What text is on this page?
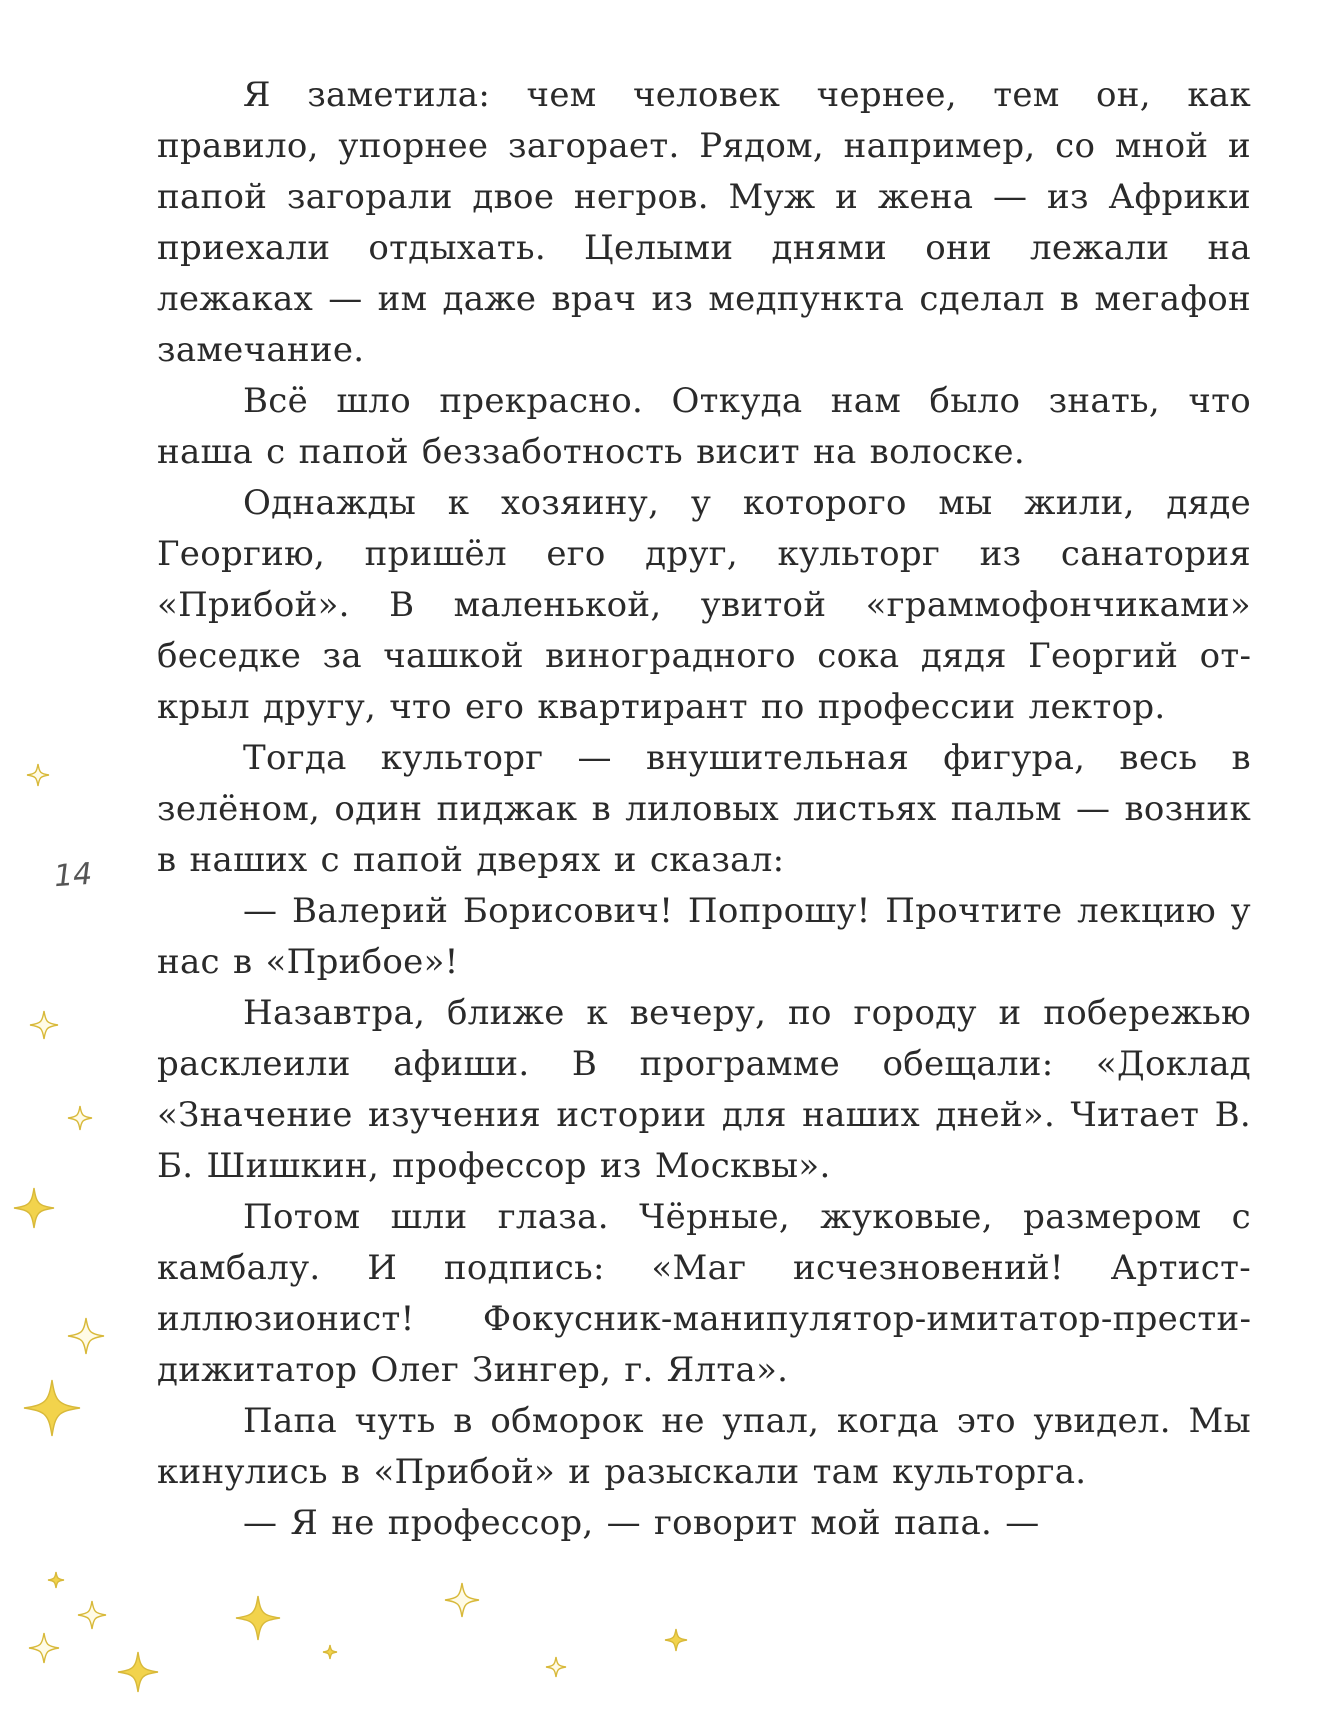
Я заметила: чем человек чернее, тем он, как правило, упорнее загорает. Рядом, например, со мной и папой загорали двое негров. Муж и жена — из Африки приехали отдыхать. Целыми днями они лежали на лежаках — им даже врач из медпункта сделал в мегафон замечание.

Всё шло прекрасно. Откуда нам было знать, что наша с папой беззаботность висит на волоске.

Однажды к хозяину, у которого мы жили, дяде Георгию, пришёл его друг, культорг из санатория «Прибой». В маленькой, увитой «граммофончиками» беседке за чашкой виноградного сока дядя Георгий открыл другу, что его квартирант по профессии лектор.

Тогда культорг — внушительная фигура, весь в зелёном, один пиджак в лиловых листьях пальм — возник в наших с папой дверях и сказал:

— Валерий Борисович! Попрошу! Прочтите лекцию у нас в «Прибое»!

Назавтра, ближе к вечеру, по городу и побережью расклеили афиши. В программе обещали: «Доклад «Значение изучения истории для наших дней». Читает В. Б. Шишкин, профессор из Москвы».

Потом шли глаза. Чёрные, жуковые, размером с камбалу. И подпись: «Маг исчезновений! Артист-иллюзионист! Фокусник-манипулятор-имитатор-престидижитатор Олег Зингер, г. Ялта».

Папа чуть в обморок не упал, когда это увидел. Мы кинулись в «Прибой» и разыскали там культорга.

— Я не профессор, — говорит мой папа. —

14
